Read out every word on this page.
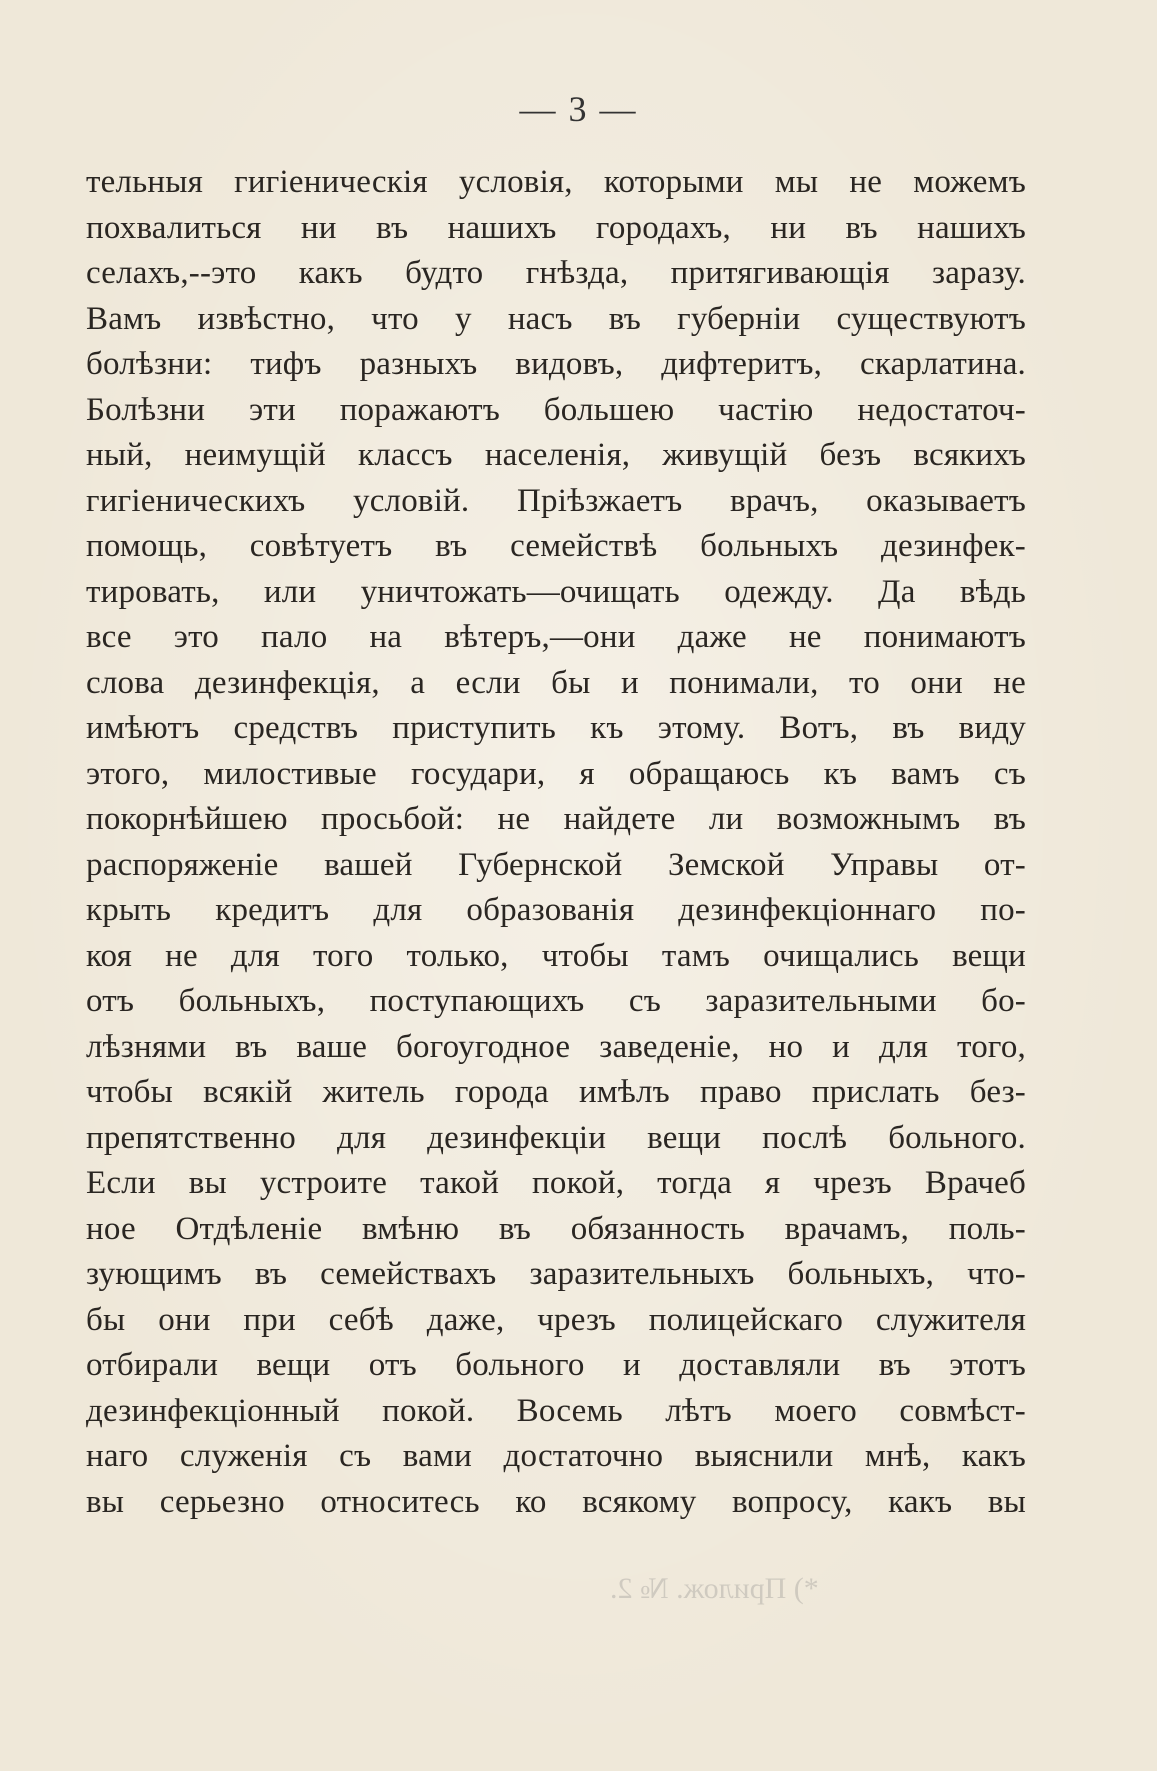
— 3 —
тельныя гигіеническія условія, которыми мы не можемъ
похвалиться ни въ нашихъ городахъ, ни въ нашихъ
селахъ,--это какъ будто гнѣзда, притягивающія заразу.
Вамъ извѣстно, что у насъ въ губерніи существуютъ
болѣзни: тифъ разныхъ видовъ, дифтеритъ, скарлатина.
Болѣзни эти поражаютъ большею частію недостаточ-
ный, неимущій классъ населенія, живущій безъ всякихъ
гигіеническихъ условій. Пріѣзжаетъ врачъ, оказываетъ
помощь, совѣтуетъ въ семействѣ больныхъ дезинфек-
тировать, или уничтожать—очищать одежду. Да вѣдь
все это пало на вѣтеръ,—они даже не понимаютъ
слова дезинфекція, а если бы и понимали, то они не
имѣютъ средствъ приступить къ этому. Вотъ, въ виду
этого, милостивые государи, я обращаюсь къ вамъ съ
покорнѣйшею просьбой: не найдете ли возможнымъ въ
распоряженіе вашей Губернской Земской Управы от-
крыть кредитъ для образованія дезинфекціоннаго по-
коя не для того только, чтобы тамъ очищались вещи
отъ больныхъ, поступающихъ съ заразительными бо-
лѣзнями въ ваше богоугодное заведеніе, но и для того,
чтобы всякій житель города имѣлъ право прислать без-
препятственно для дезинфекціи вещи послѣ больного.
Если вы устроите такой покой, тогда я чрезъ Врачеб
ное Отдѣленіе вмѣню въ обязанность врачамъ, поль-
зующимъ въ семействахъ заразительныхъ больныхъ, что-
бы они при себѣ даже, чрезъ полицейскаго служителя
отбирали вещи отъ больного и доставляли въ этотъ
дезинфекціонный покой. Восемь лѣтъ моего совмѣст-
наго служенія съ вами достаточно выяснили мнѣ, какъ
вы серьезно относитесь ко всякому вопросу, какъ вы
*) Прилож. № 2.
